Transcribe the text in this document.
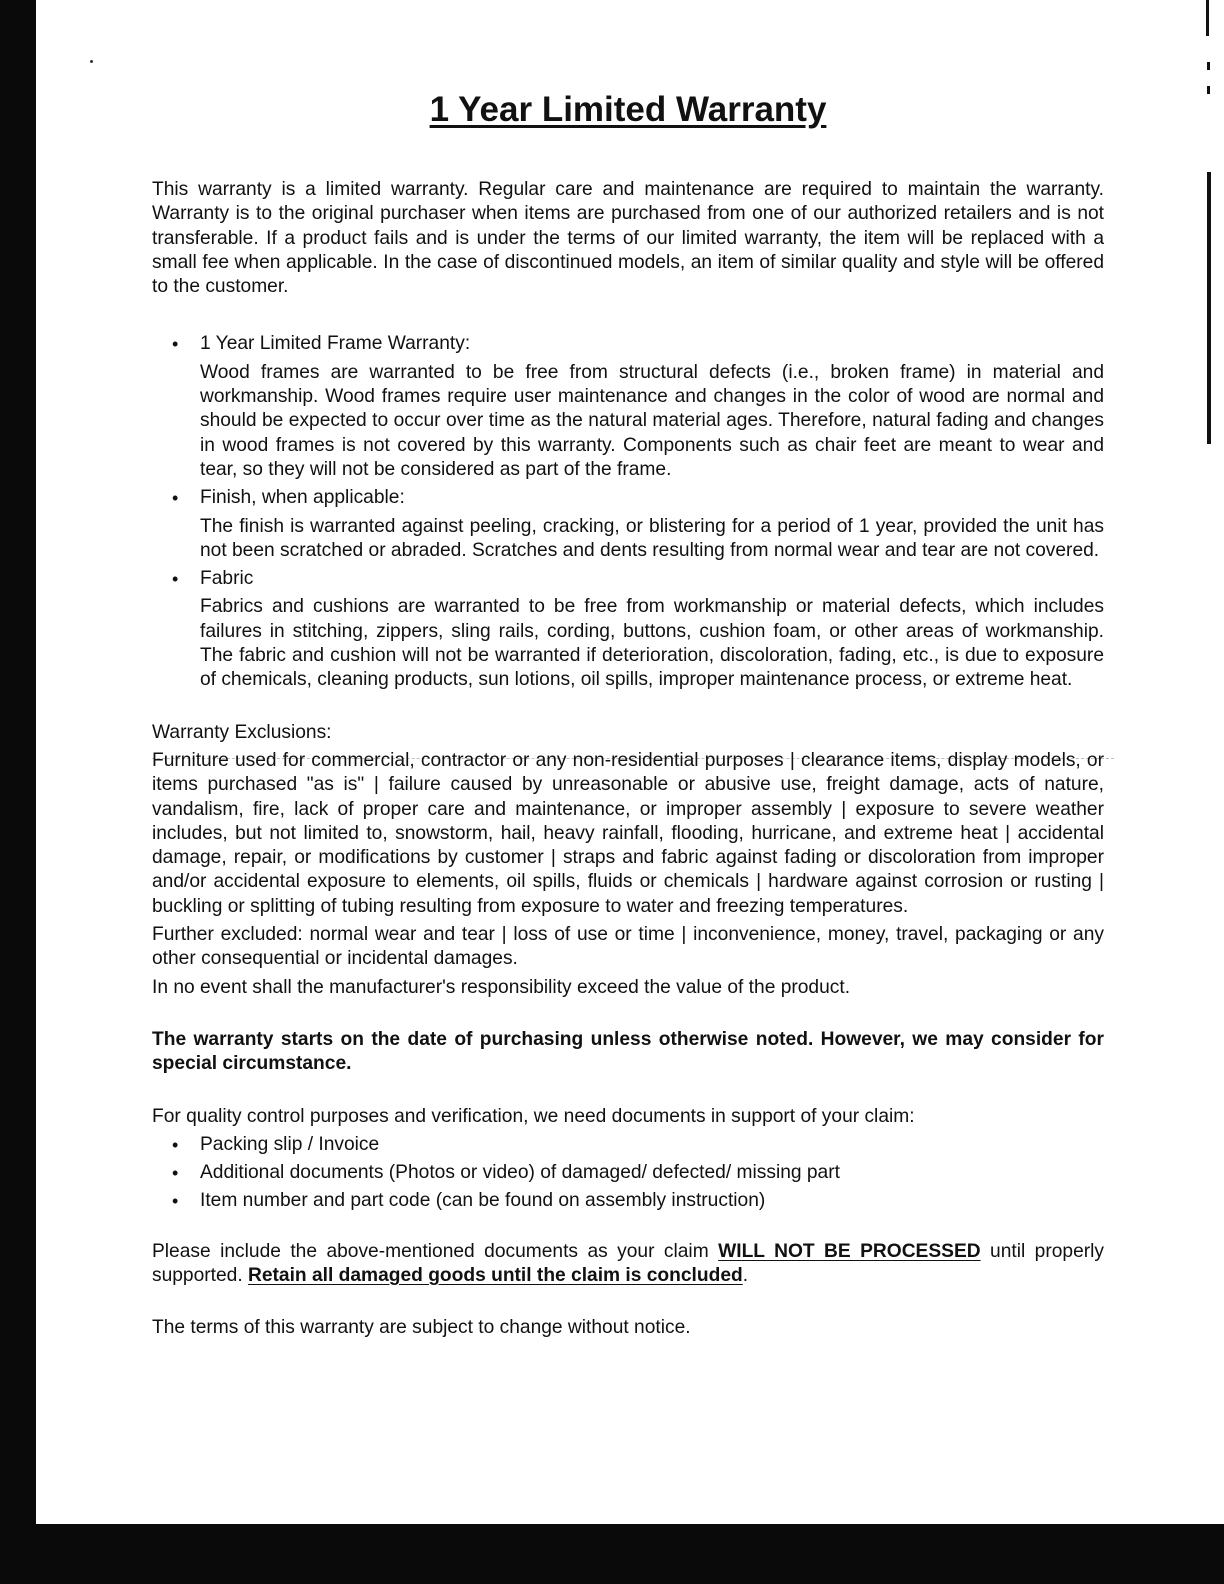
1 Year Limited Warranty

This warranty is a limited warranty. Regular care and maintenance are required to maintain the warranty. Warranty is to the original purchaser when items are purchased from one of our authorized retailers and is not transferable. If a product fails and is under the terms of our limited warranty, the item will be replaced with a small fee when applicable. In the case of discontinued models, an item of similar quality and style will be offered to the customer.

• 1 Year Limited Frame Warranty:

Wood frames are warranted to be free from structural defects (i.e., broken frame) in material and workmanship. Wood frames require user maintenance and changes in the color of wood are normal and should be expected to occur over time as the natural material ages. Therefore, natural fading and changes in wood frames is not covered by this warranty. Components such as chair feet are meant to wear and tear, so they will not be considered as part of the frame.

• Finish, when applicable:

The finish is warranted against peeling, cracking, or blistering for a period of 1 year, provided the unit has not been scratched or abraded. Scratches and dents resulting from normal wear and tear are not covered.

• Fabric

Fabrics and cushions are warranted to be free from workmanship or material defects, which includes failures in stitching, zippers, sling rails, cording, buttons, cushion foam, or other areas of workmanship. The fabric and cushion will not be warranted if deterioration, discoloration, fading, etc., is due to exposure of chemicals, cleaning products, sun lotions, oil spills, improper maintenance process, or extreme heat.

Warranty Exclusions:

Furniture used for commercial, contractor or any non-residential purposes | clearance items, display models, or items purchased "as is" | failure caused by unreasonable or abusive use, freight damage, acts of nature, vandalism, fire, lack of proper care and maintenance, or improper assembly | exposure to severe weather includes, but not limited to, snowstorm, hail, heavy rainfall, flooding, hurricane, and extreme heat | accidental damage, repair, or modifications by customer | straps and fabric against fading or discoloration from improper and/or accidental exposure to elements, oil spills, fluids or chemicals | hardware against corrosion or rusting | buckling or splitting of tubing resulting from exposure to water and freezing temperatures.

Further excluded: normal wear and tear | loss of use or time | inconvenience, money, travel, packaging or any other consequential or incidental damages.

In no event shall the manufacturer's responsibility exceed the value of the product.

The warranty starts on the date of purchasing unless otherwise noted. However, we may consider for special circumstance.

For quality control purposes and verification, we need documents in support of your claim:

• Packing slip / Invoice
• Additional documents (Photos or video) of damaged/ defected/ missing part
• Item number and part code (can be found on assembly instruction)

Please include the above-mentioned documents as your claim WILL NOT BE PROCESSED until properly supported. Retain all damaged goods until the claim is concluded.

The terms of this warranty are subject to change without notice.
